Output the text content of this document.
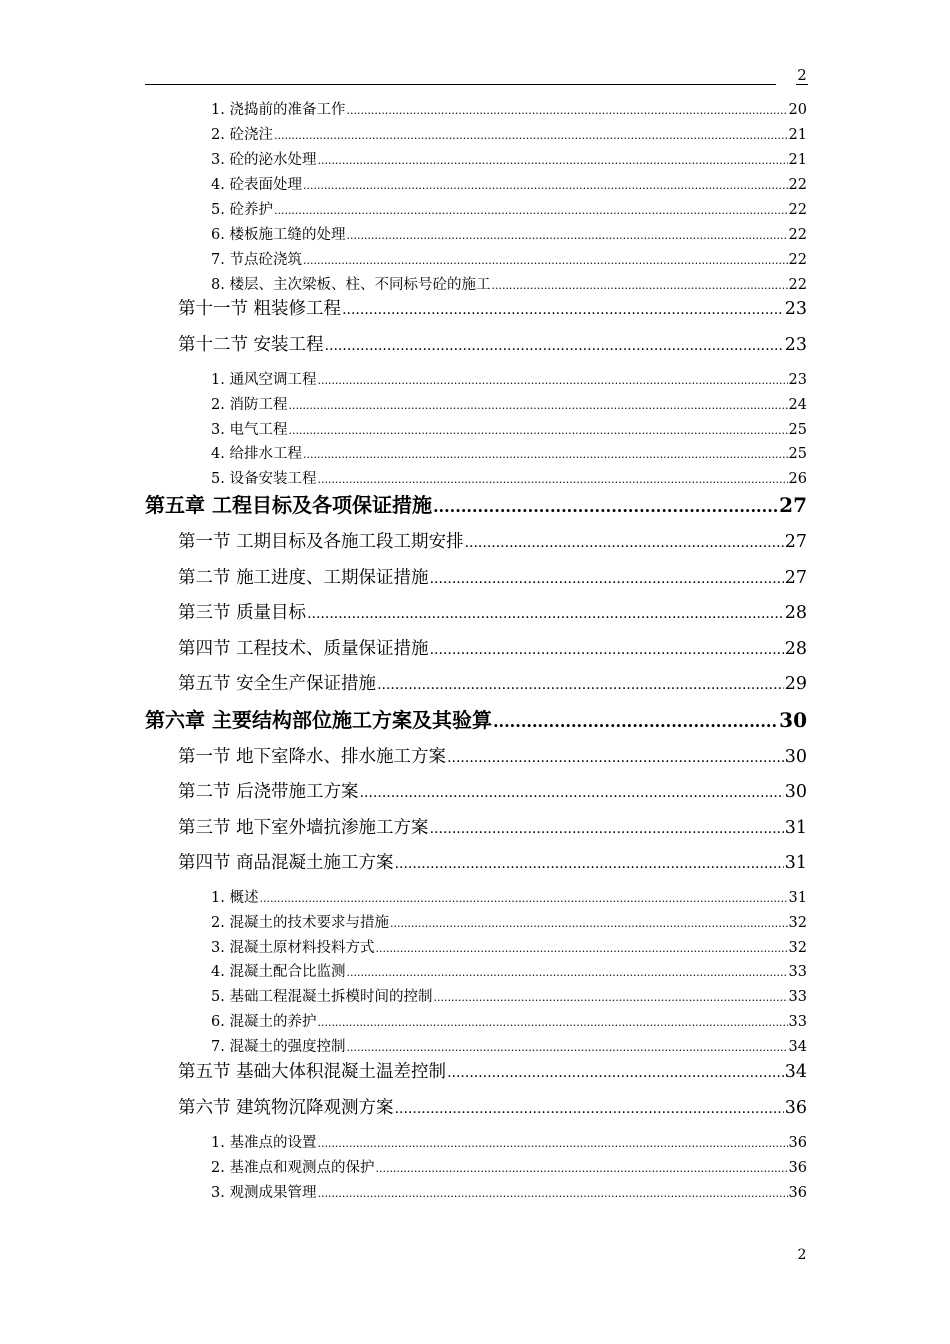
2
1. 浇捣前的准备工作 .....	20
2. 砼浇注 .....	21
3. 砼的泌水处理 .....	21
4. 砼表面处理 .....	22
5. 砼养护 .....	22
6. 楼板施工缝的处理 .....	22
7. 节点砼浇筑 .....	22
8. 楼层、主次梁板、柱、不同标号砼的施工 .....	22
第十一节 粗装修工程 .....	23
第十二节 安装工程 .....	23
1. 通风空调工程 .....	23
2. 消防工程 .....	24
3. 电气工程 .....	25
4. 给排水工程 .....	25
5. 设备安装工程 .....	26
第五章 工程目标及各项保证措施 .....	27
第一节 工期目标及各施工段工期安排 .....	27
第二节 施工进度、工期保证措施 .....	27
第三节 质量目标 .....	28
第四节 工程技术、质量保证措施 .....	28
第五节 安全生产保证措施 .....	29
第六章 主要结构部位施工方案及其验算 .....	30
第一节 地下室降水、排水施工方案 .....	30
第二节 后浇带施工方案 .....	30
第三节 地下室外墙抗渗施工方案 .....	31
第四节 商品混凝土施工方案 .....	31
1. 概述 .....	31
2. 混凝土的技术要求与措施 .....	32
3. 混凝土原材料投料方式 .....	32
4. 混凝土配合比监测 .....	33
5. 基础工程混凝土拆模时间的控制 .....	33
6. 混凝土的养护 .....	33
7. 混凝土的强度控制 .....	34
第五节 基础大体积混凝土温差控制 .....	34
第六节 建筑物沉降观测方案 .....	36
1. 基准点的设置 .....	36
2. 基准点和观测点的保护 .....	36
3. 观测成果管理 .....	36
2
